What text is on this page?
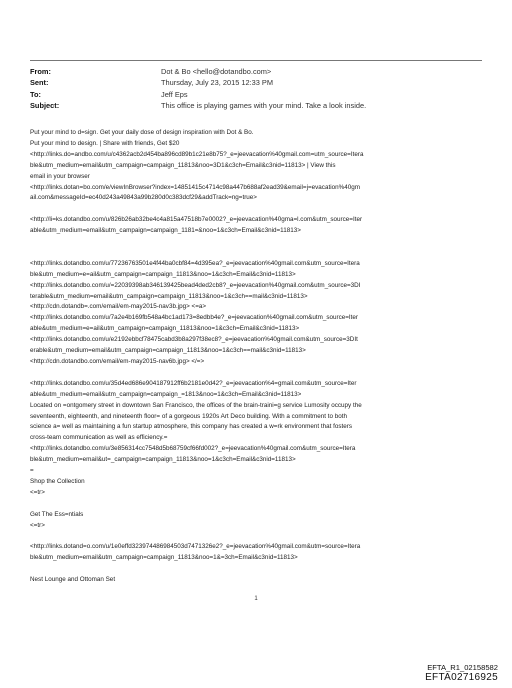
From:	Dot & Bo <hello@dotandbo.com>
Sent:	Thursday, July 23, 2015 12:33 PM
To:	Jeff Eps
Subject:	This office is playing games with your mind. Take a look inside.
Put your mind to d=sign. Get your daily dose of design inspiration with Dot & Bo.
Put your mind to design. | Share with friends, Get $20
<http://links.do=andbo.com/u/c4362acb2d454ba896cd89b1c21e8b75?_e=jeevacation%40gmail.com=utm_source=Itera
ble&utm_medium=email&utm_campaign=campaign_11813&noo=3D1&c3ch=Email&c3nid=11813> | View this
email in your browser
<http://links.dotan=bo.com/e/viewInBrowser?index=14851415c4714c98a447b688af2ead39&email=j=evacation%40gm
ail.com&messageId=ec40d243a49843a99b280d0c383dcf29&addTrack=ng=true>
<http://li=ks.dotandbo.com/u/826b26ab32be4c4a815a47518b7e0002?_e=jeevacation%40gma=l.com&utm_source=Iter
able&utm_medium=email&utm_campaign=campaign_1181=&noo=1&c3ch=Email&c3nid=11813>
<http://links.dotandbo.com/u/77236763501e4f44ba0cbf84=4d395ea?_e=jeevacation%40gmail.com&utm_source=Itera
ble&utm_medium=e=ail&utm_campaign=campaign_11813&noo=1&c3ch=Email&c3nid=11813>
<http://links.dotandbo.com/u/=22039398ab346139425bead4ded2cb8?_e=jeevacation%40gmail.com&utm_source=3DI
terable&utm_medium=email&utm_campaign=campaign_11813&noo=1&c3ch==mail&c3nid=11813>
<http://cdn.dotandb=.com/email/em-may2015-nav3b.jpg> <=a>
<http://links.dotandbo.com/u/7a2e4b169fb548a4bc1ad173=8edbb4e?_e=jeevacation%40gmail.com&utm_source=Iter
able&utm_medium=e=ail&utm_campaign=campaign_11813&noo=1&c3ch=Email&c3nid=11813>
<http://links.dotandbo.com/u/e2192ebbcf78475cabd3b8a297f38ec8?_e=jeevacation%40gmail.com&utm_source=3DIt
erable&utm_medium=email&utm_campaign=campaign_11813&noo=1&c3ch==mail&c3nid=11813>
<http://cdn.dotandbo.com/email/em-may2015-nav6b.jpg> </=>
<http://links.dotandbo.com/u/35d4ed686e904187912ff6b2181e0d42?_e=jeevacation%4=gmail.com&utm_source=Iter
able&utm_medium=email&utm_campaign=campaign_=1813&noo=1&c3ch=Email&c3nid=11813>
Located on =ontgomery street in downtown San Francisco, the offices of the brain-traini=g service Lumosity occupy the
seventeenth, eighteenth, and nineteenth floor= of a gorgeous 1920s Art Deco building. With a commitment to both
science a= well as maintaining a fun startup atmosphere, this company has created a w=rk environment that fosters
cross-team communication as well as efficiency.=
<http://links.dotandbo.com/u/3e856314cc7548d5b68759cf66fd002?_e=jeevacation%40gmail.com&utm_source=Itera
ble&utm_medium=email&ut=_campaign=campaign_11813&noo=1&c3ch=Email&c3nid=11813>
=
Shop the Collection
<=tr>
Get The Ess=ntials
<=tr>
<http://links.dotand=o.com/u/1e0effd323974486984503d7471326e2?_e=jeevacation%40gmail.com&utm=source=Itera
ble&utm_medium=email&utm_campaign=campaign_11813&noo=1&=3ch=Email&c3nid=11813>
Nest Lounge and Ottoman Set
1
EFTA_R1_02158582
EFTA02716925
